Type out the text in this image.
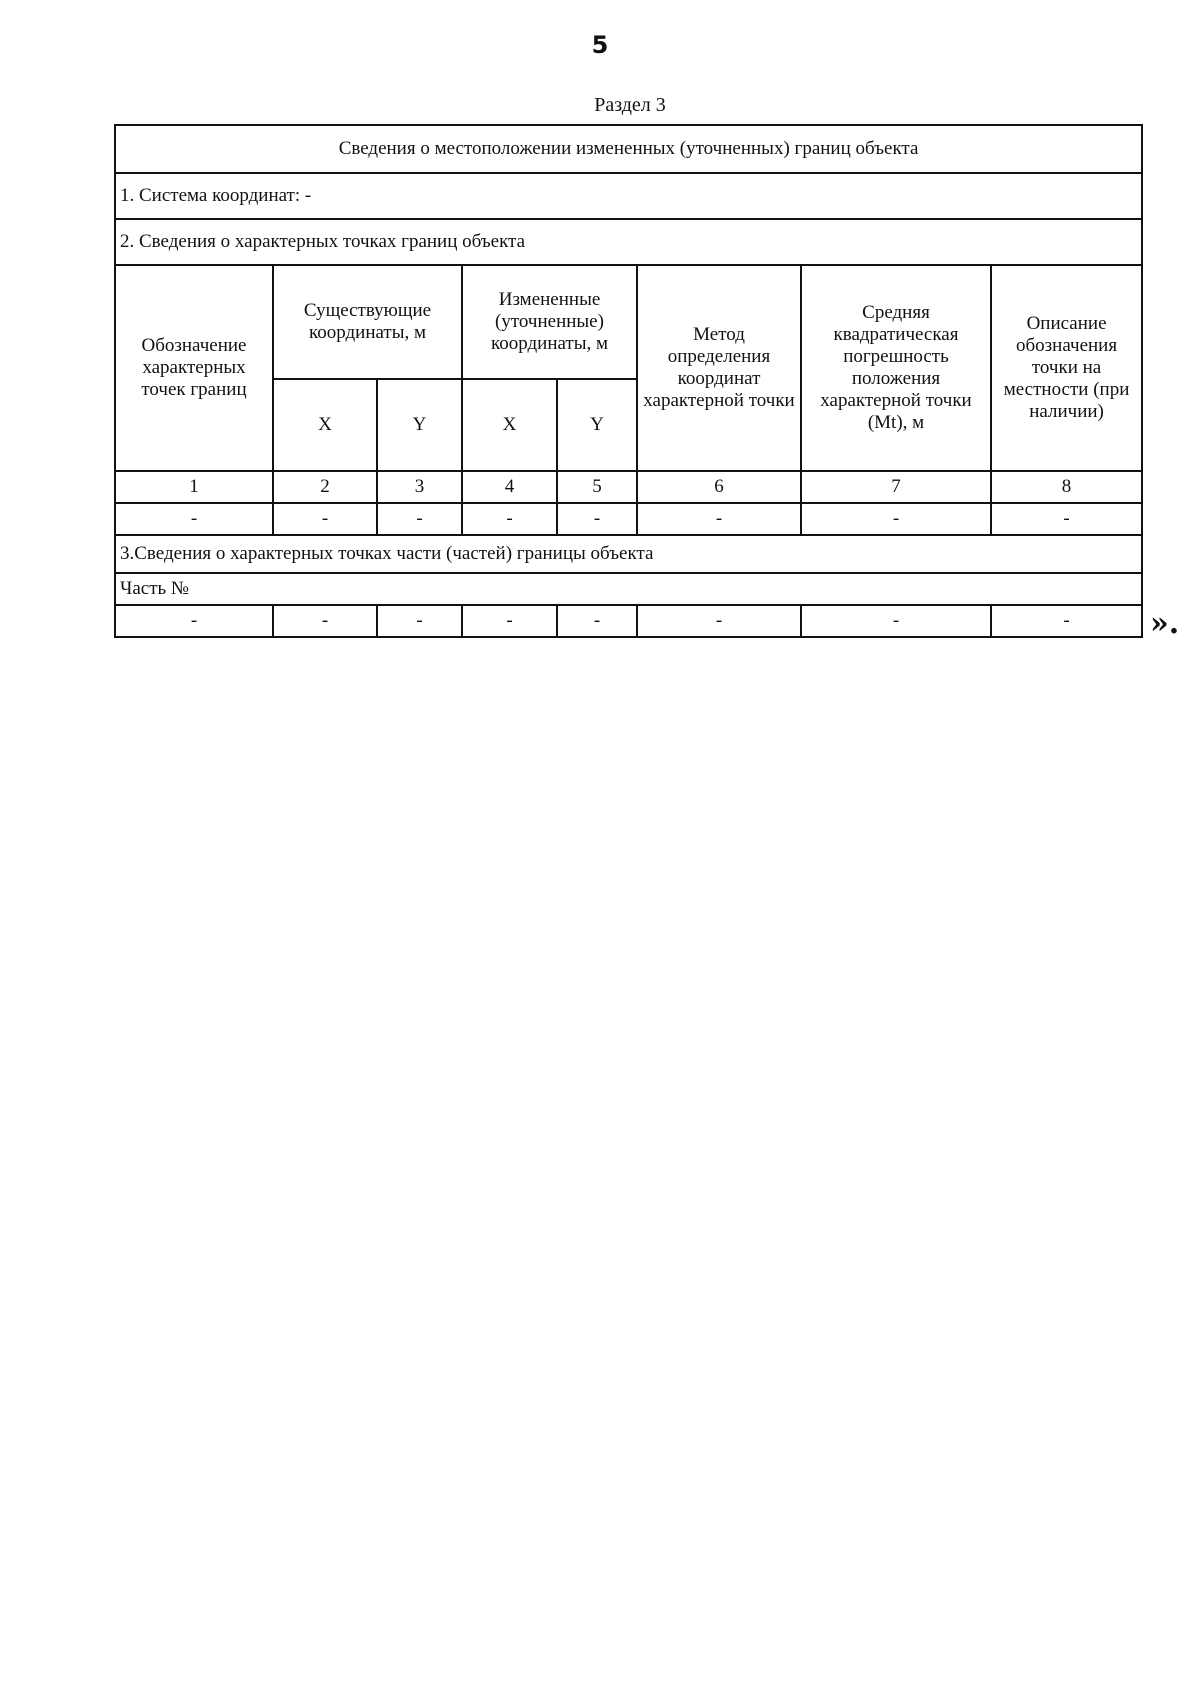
5
Раздел 3
Сведения о местоположении измененных (уточненных) границ объекта							
1. Система координат: -							
2. Сведения о характерных точках границ объекта							
Обозначение характерных точек границ	Существующие координаты, м		Измененные (уточненные) координаты, м		Метод определения координат характерной точки	Средняя квадратическая погрешность положения характерной точки (Mt), м	Описание обозначения точки на местности (при наличии)
	X	Y	X	Y			
1	2	3	4	5	6	7	8
-	-	-	-	-	-	-	-
3.Сведения о характерных точках части (частей) границы объекта							
Часть №							
-	-	-	-	-	-	-	-	».
